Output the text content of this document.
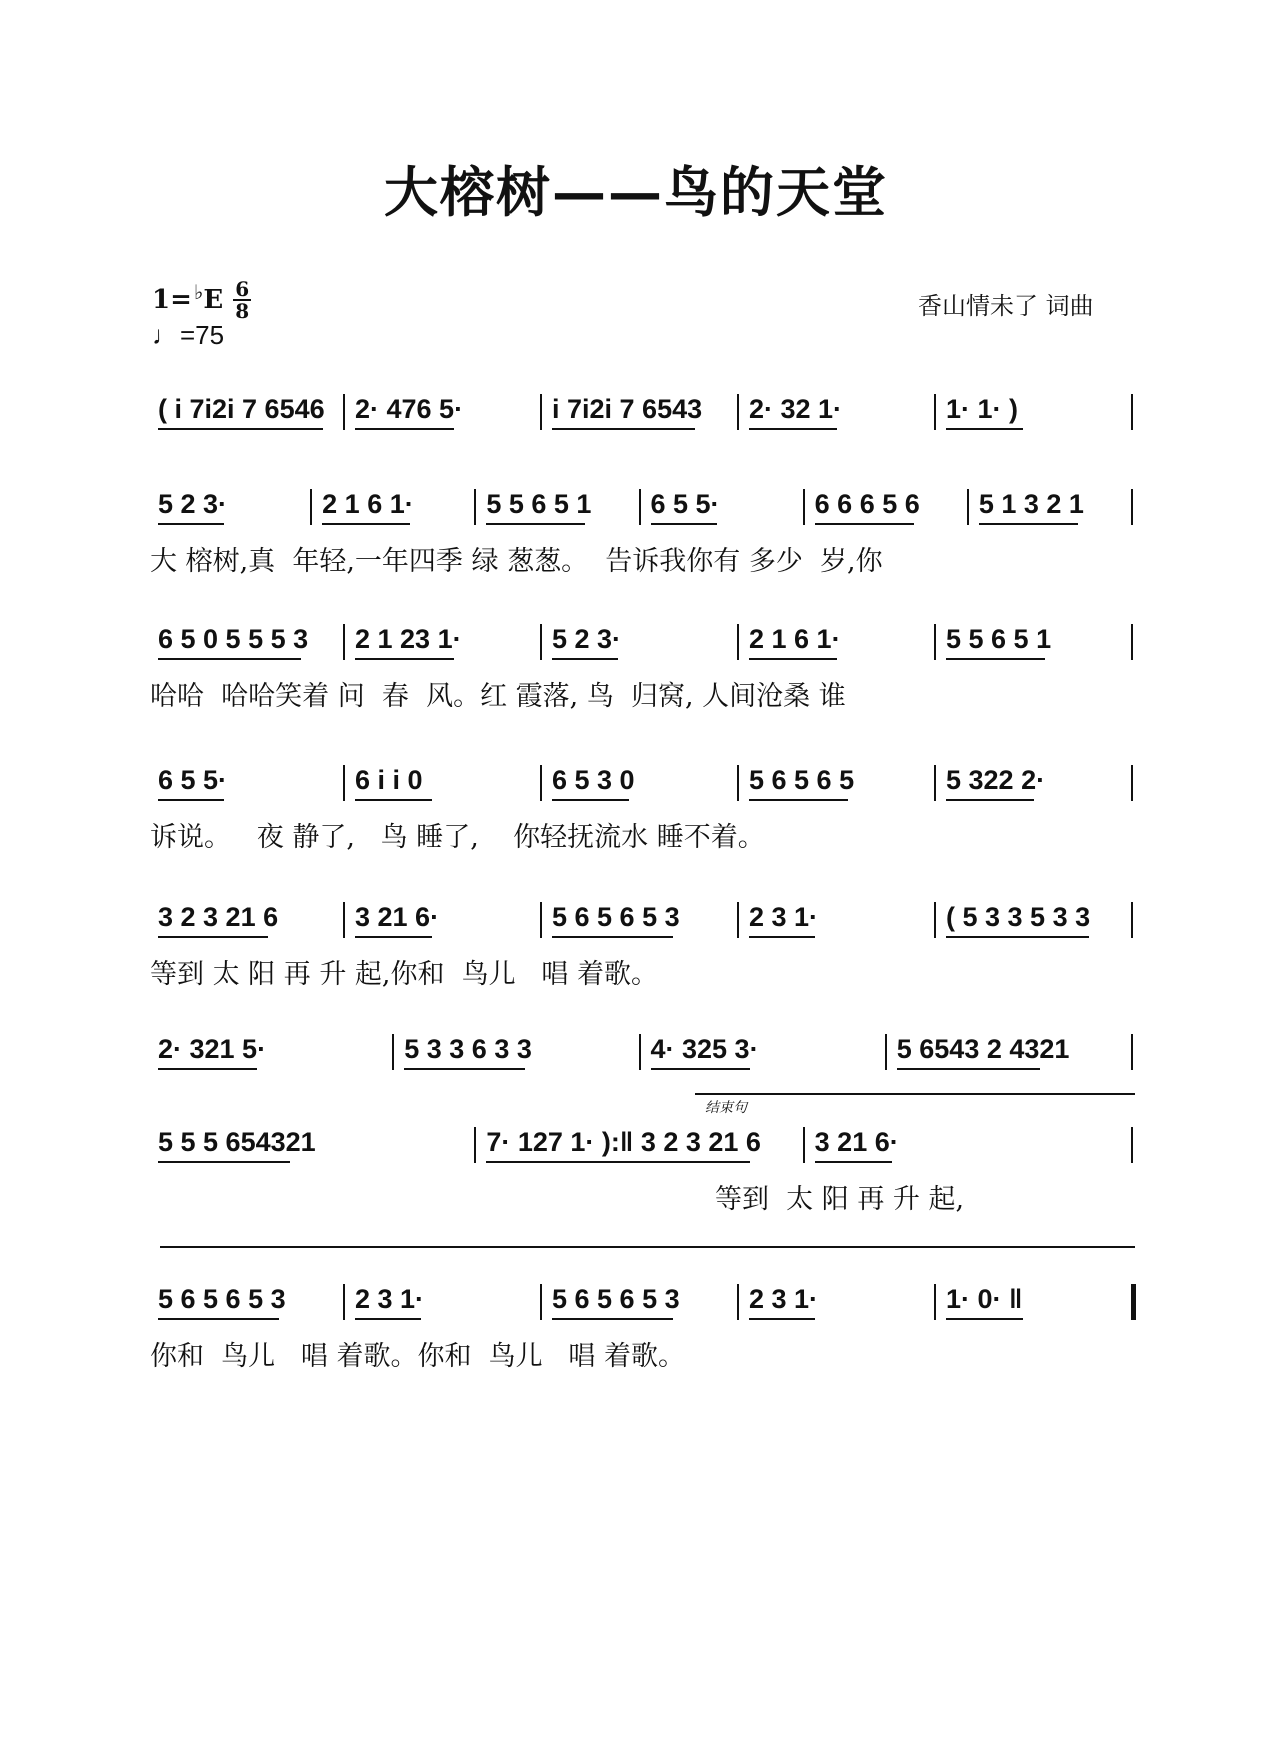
大榕树——鸟的天堂
1= ♭ E $\frac{6}{8}$
♩ =75
香山情未了 词曲
( i 7i2i 7 6546 2· 476 5·	i 7i2i 7 6543 2· 32 1·	1· 1· )
5 2 3·	2 1 6 1·	5 5 6 5 1 6 5 5·	6 6 6 5 6 5 1 3 2 1
大 榕树,真  年轻,一年四季 绿 葱葱。  告诉我你有 多少  岁,你
6 5 0 5 5 5 3 2 1 23 1·	5 2 3·	2 1 6 1·	5 5 6 5 1
哈哈  哈哈笑着 问  春  风。红 霞落, 鸟  归窝, 人间沧桑 谁
6 5 5·	6 i i 0	6 5 3 0	5 6 5 6 5	5 322 2·
诉说。   夜 静了,   鸟 睡了,    你轻抚流水 睡不着。
3 2 3 21 6	3 21 6·	5 6 5 6 5 3	2 3 1·	( 5 3 3 5 3 3
等到 太 阳 再 升 起,你和  鸟儿   唱 着歌。
2· 321 5·	5 3 3 6 3 3	4· 325 3·	5 6543 2 4321
5 5 5 654321	7· 127 1· ):‖ 3 2 3 21 6 3 21 6·
等到  太 阳 再 升 起,
结束句
5 6 5 6 5 3	2 3 1·	5 6 5 6 5 3	2 3 1·	1· 0· ‖
你和  鸟儿   唱 着歌。你和  鸟儿   唱 着歌。
